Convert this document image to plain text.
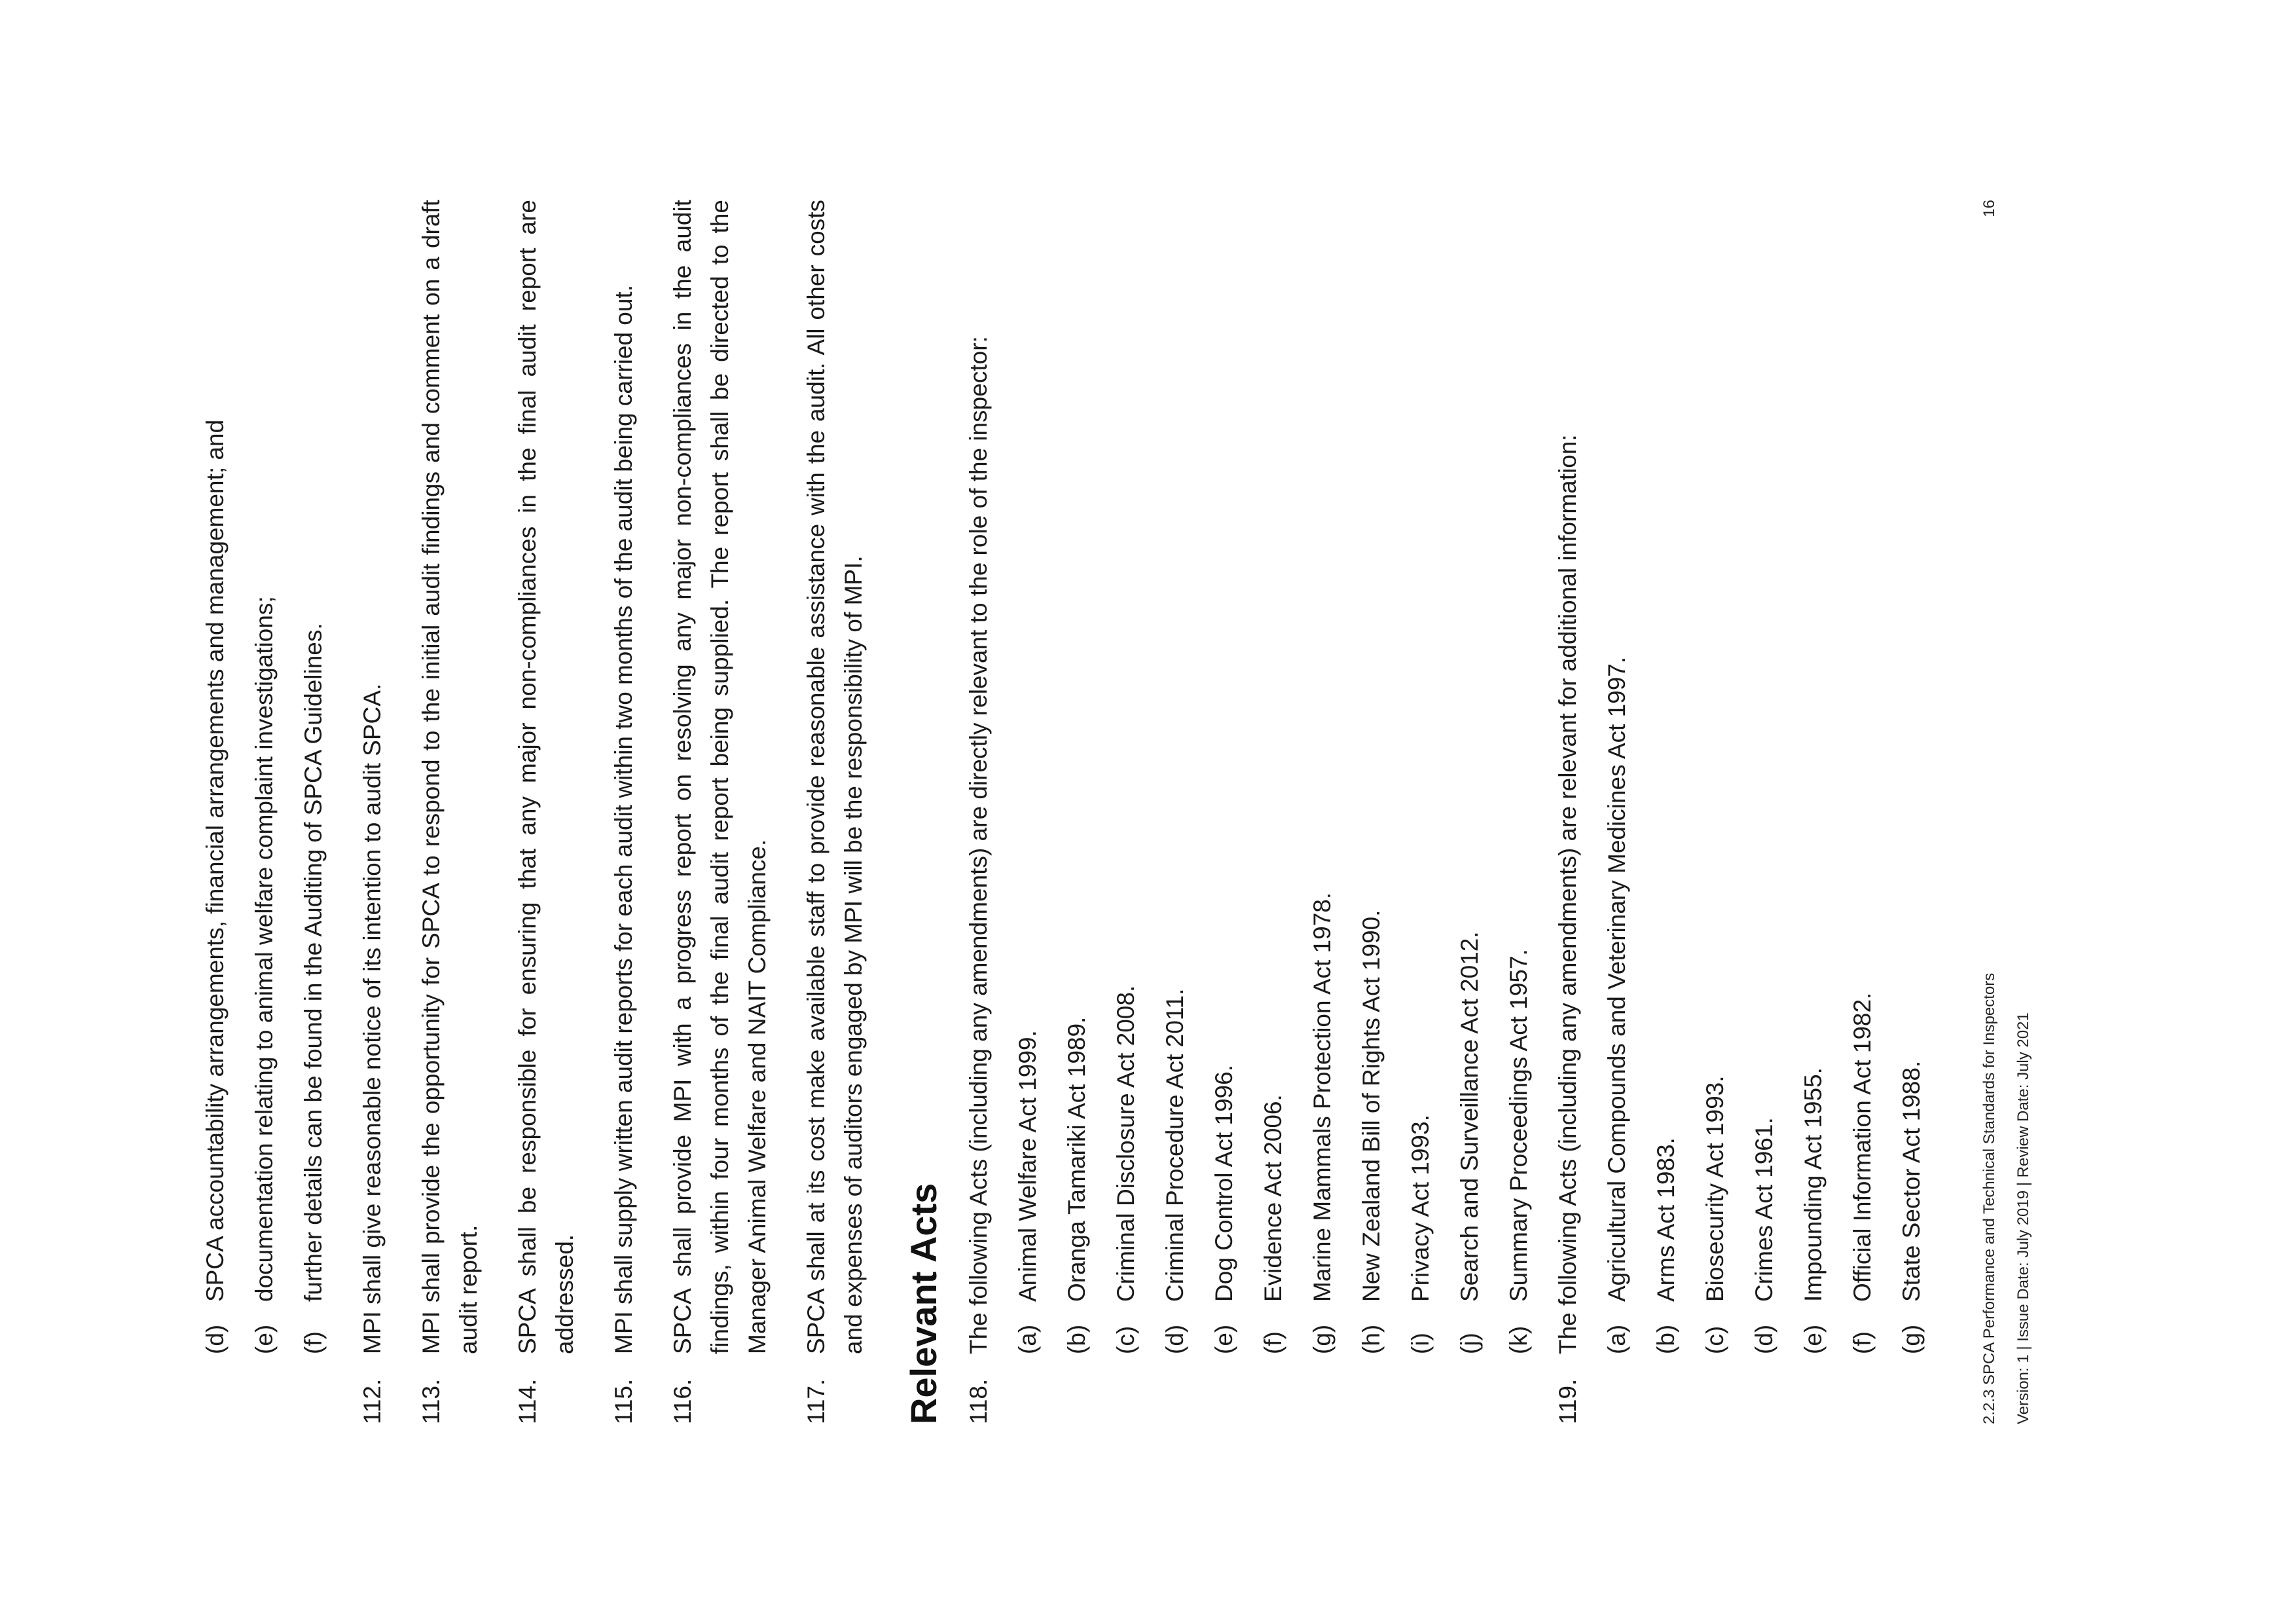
(d)
SPCA accountability arrangements, financial arrangements and management; and
(e)
documentation relating to animal welfare complaint investigations;
(f)
further details can be found in the Auditing of SPCA Guidelines.
112.
MPI shall give reasonable notice of its intention to audit SPCA.
113.
MPI shall provide the opportunity for SPCA to respond to the initial audit findings and comment on a draft audit report.
114.
SPCA shall be responsible for ensuring that any major non-compliances in the final audit report are addressed.
115.
MPI shall supply written audit reports for each audit within two months of the audit being carried out.
116.
SPCA shall provide MPI with a progress report on resolving any major non-compliances in the audit findings, within four months of the final audit report being supplied. The report shall be directed to the Manager Animal Welfare and NAIT Compliance.
117.
SPCA shall at its cost make available staff to provide reasonable assistance with the audit. All other costs and expenses of auditors engaged by MPI will be the responsibility of MPI. Relevant Acts 118.
The following Acts (including any amendments) are directly relevant to the role of the inspector: (a)
Animal Welfare Act 1999.
(b)
Oranga Tamariki Act 1989.
(c)
Criminal Disclosure Act 2008.
(d)
Criminal Procedure Act 2011.
(e)
Dog Control Act 1996.
(f)
Evidence Act 2006.
(g)
Marine Mammals Protection Act 1978.
(h)
New Zealand Bill of Rights Act 1990.
(i)
Privacy Act 1993.
(j)
Search and Surveillance Act 2012.
(k)
Summary Proceedings Act 1957.
119.
The following Acts (including any amendments) are relevant for additional information: (a)
Agricultural Compounds and Veterinary Medicines Act 1997.
(b)
Arms Act 1983.
(c)
Biosecurity Act 1993.
(d)
Crimes Act 1961.
(e)
Impounding Act 1955.
(f)
Official Information Act 1982.
(g)
State Sector Act 1988.	2.2.3 SPCA Performance and Technical Standards for Inspectors
16
Version: 1 | Issue Date: July 2019 | Review Date: July 2021
